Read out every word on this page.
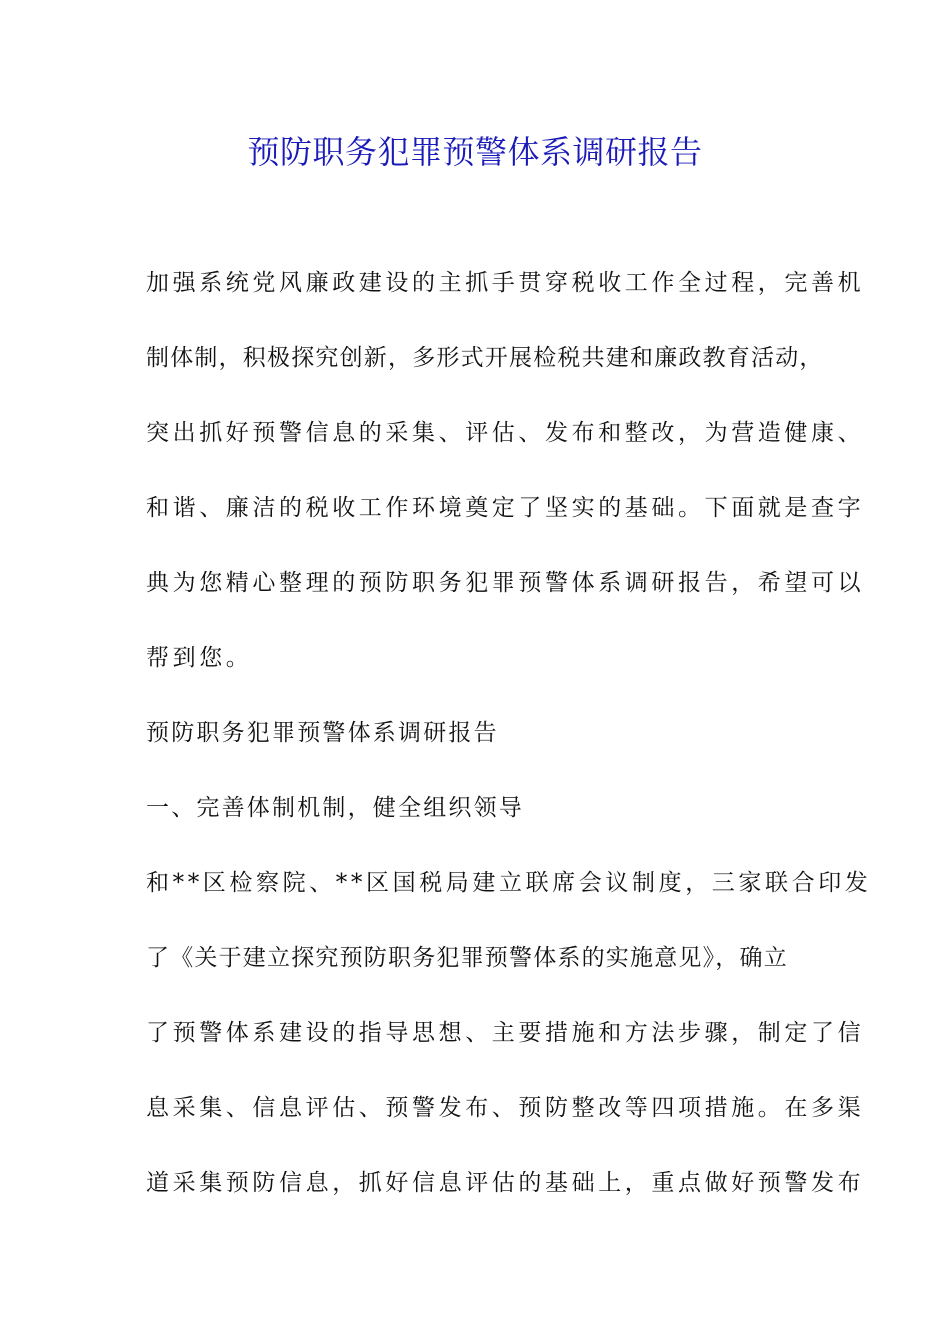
预防职务犯罪预警体系调研报告
加强系统党风廉政建设的主抓手贯穿税收工作全过程，完善机
制体制，积极探究创新，多形式开展检税共建和廉政教育活动，
突出抓好预警信息的采集、评估、发布和整改，为营造健康、
和谐、廉洁的税收工作环境奠定了坚实的基础。下面就是查字
典为您精心整理的预防职务犯罪预警体系调研报告，希望可以
帮到您。
预防职务犯罪预警体系调研报告
一、完善体制机制，健全组织领导
和**区检察院、**区国税局建立联席会议制度，三家联合印发
了《关于建立探究预防职务犯罪预警体系的实施意见》，确立
了预警体系建设的指导思想、主要措施和方法步骤，制定了信
息采集、信息评估、预警发布、预防整改等四项措施。在多渠
道采集预防信息，抓好信息评估的基础上，重点做好预警发布
